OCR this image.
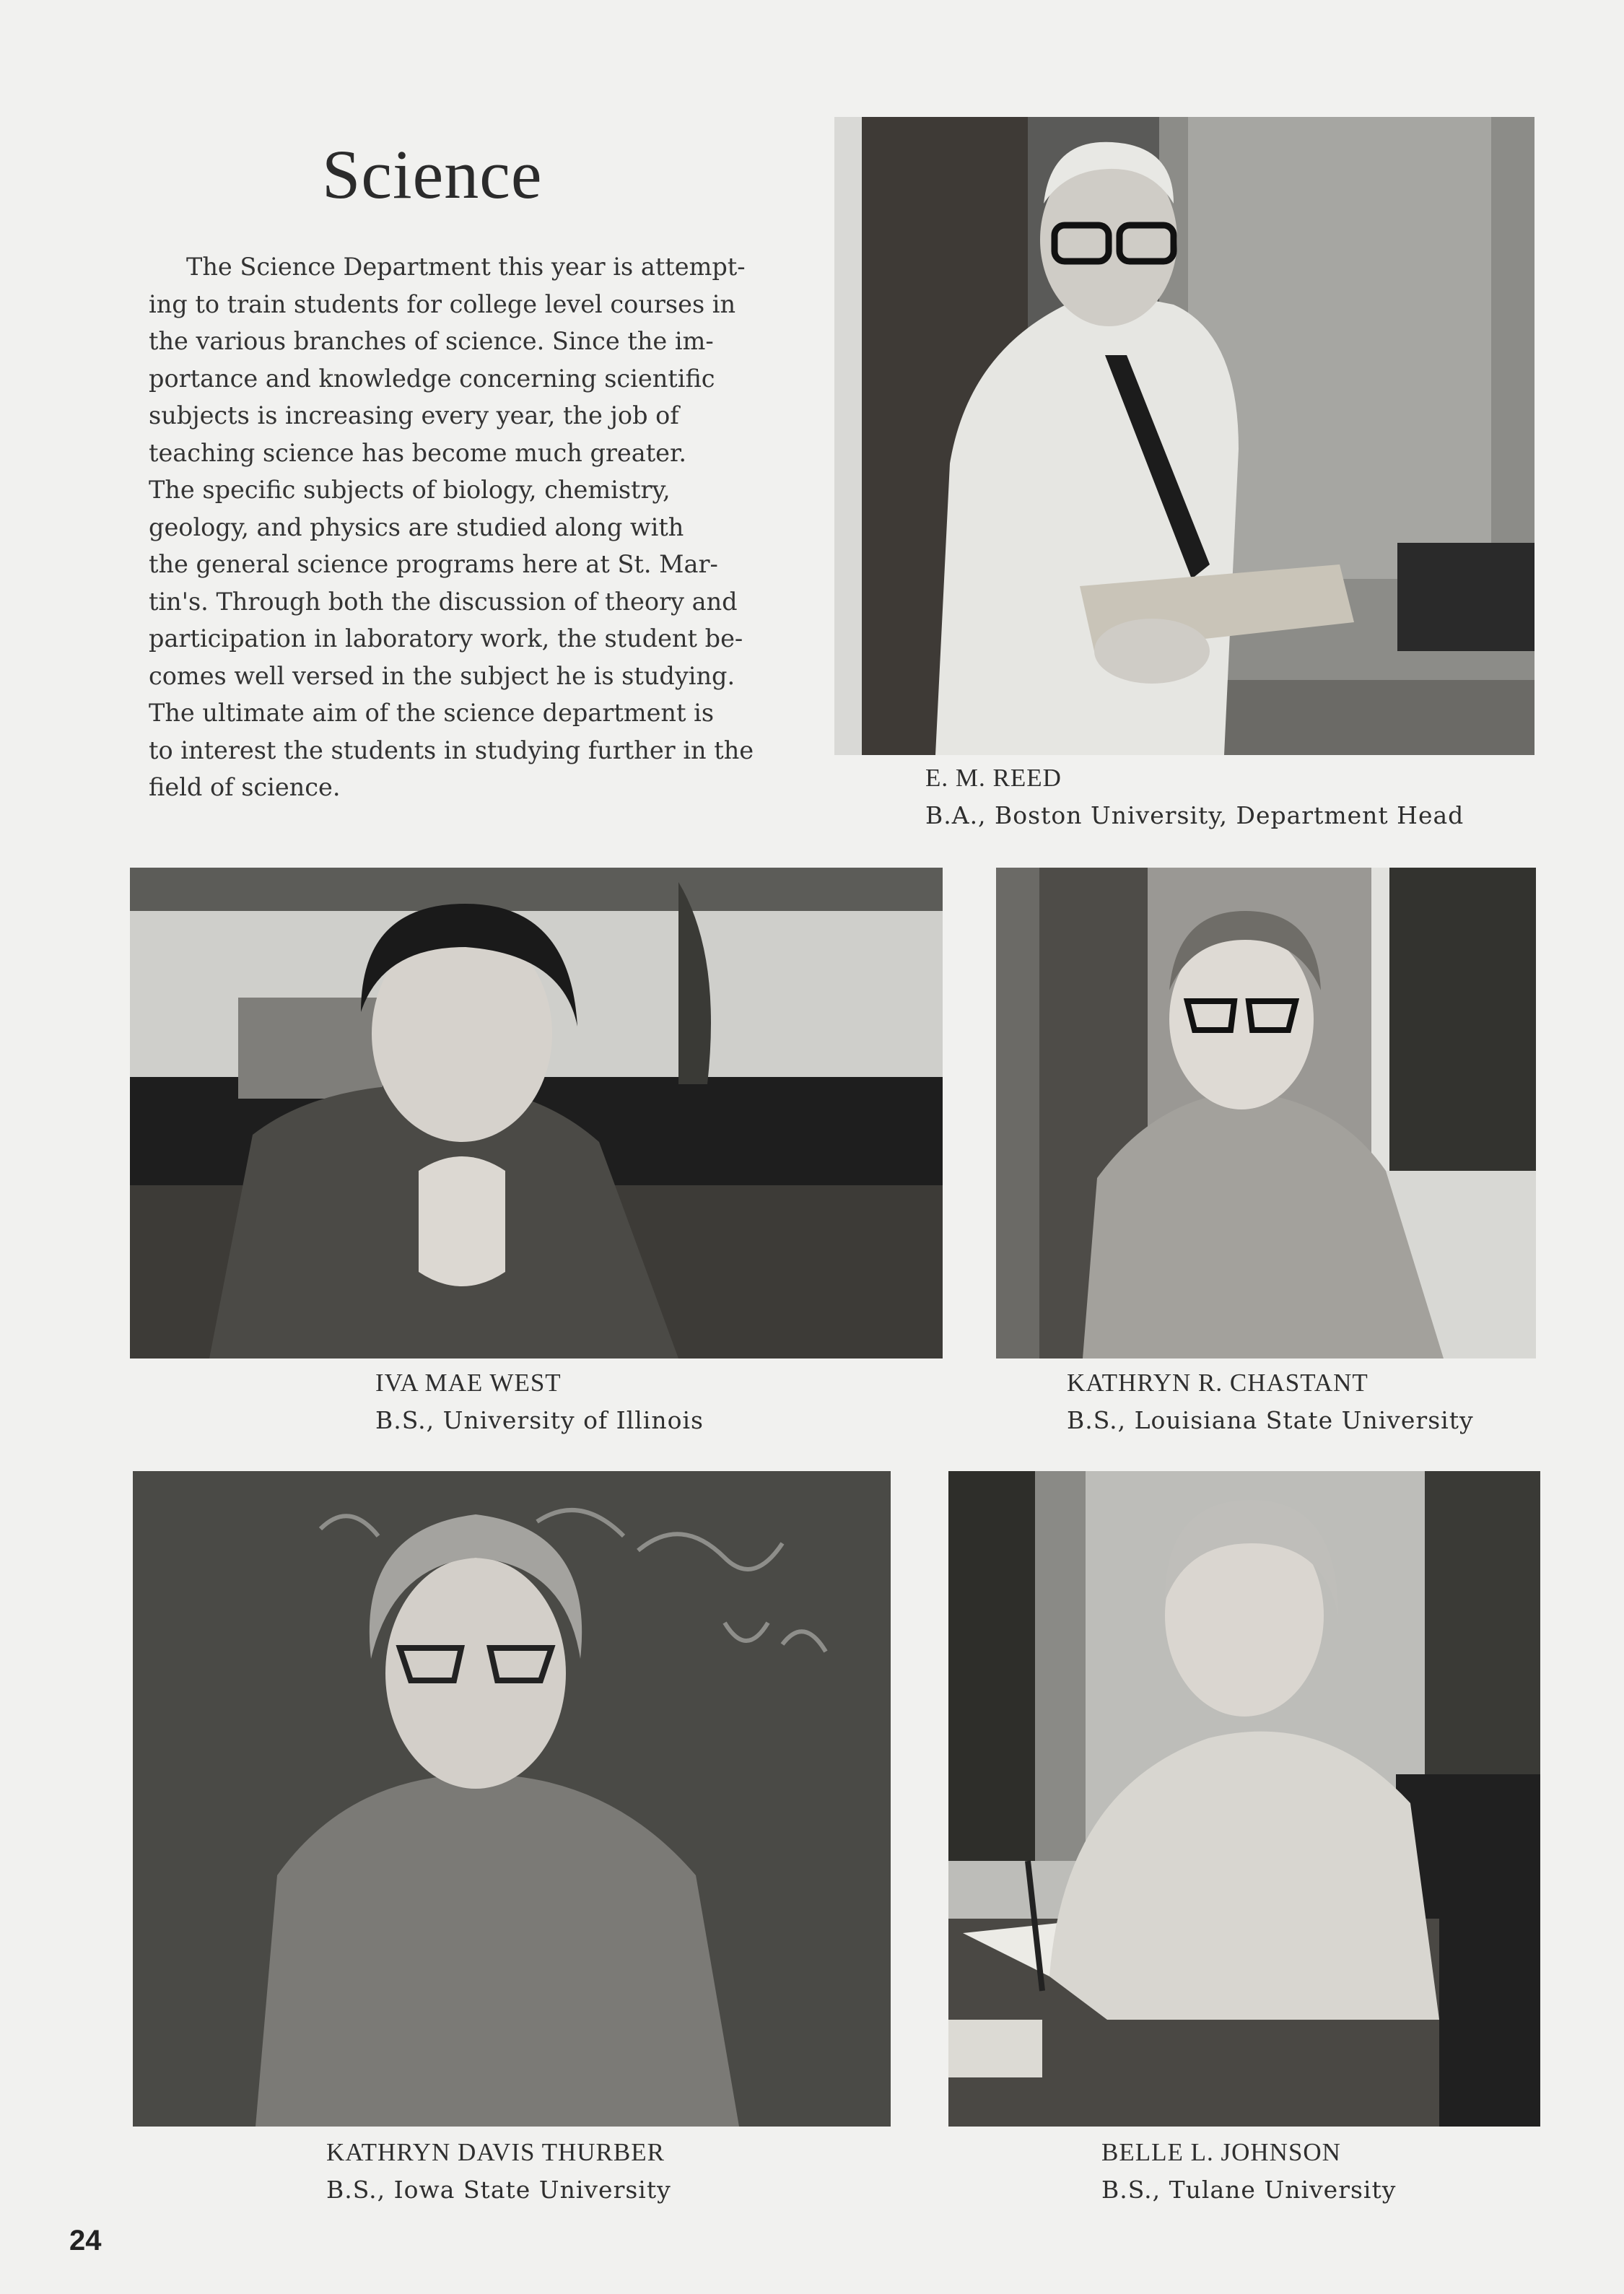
Science
The Science Department this year is attempt-
ing to train students for college level courses in
the various branches of science. Since the im-
portance and knowledge concerning scientific
subjects is increasing every year, the job of
teaching science has become much greater.
The specific subjects of biology, chemistry,
geology, and physics are studied along with
the general science programs here at St. Mar-
tin's. Through both the discussion of theory and
participation in laboratory work, the student be-
comes well versed in the subject he is studying.
The ultimate aim of the science department is
to interest the students in studying further in the
field of science.	E. M. REED
B.A., Boston University, Department Head
IVA MAE WEST
B.S., University of Illinois
KATHRYN R. CHASTANT
B.S., Louisiana State University
KATHRYN DAVIS THURBER
B.S., Iowa State University
BELLE L. JOHNSON
B.S., Tulane University
24
